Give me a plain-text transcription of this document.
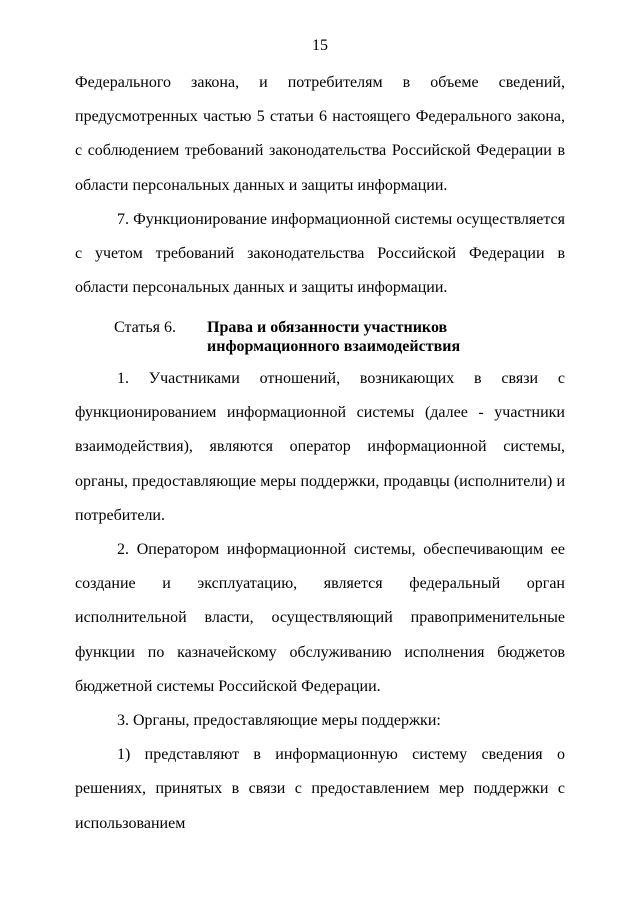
15

Федерального закона, и потребителям в объеме сведений, предусмотренных частью 5 статьи 6 настоящего Федерального закона, с соблюдением требований законодательства Российской Федерации в области персональных данных и защиты информации.

7. Функционирование информационной системы осуществляется с учетом требований законодательства Российской Федерации в области персональных данных и защиты информации.

Статья 6.	Права и обязанности участников информационного взаимодействия

1. Участниками отношений, возникающих в связи с функционированием информационной системы (далее - участники взаимодействия), являются оператор информационной системы, органы, предоставляющие меры поддержки, продавцы (исполнители) и потребители.

2. Оператором информационной системы, обеспечивающим ее создание и эксплуатацию, является федеральный орган исполнительной власти, осуществляющий правоприменительные функции по казначейскому обслуживанию исполнения бюджетов бюджетной системы Российской Федерации.

3. Органы, предоставляющие меры поддержки:

1) представляют в информационную систему сведения о решениях, принятых в связи с предоставлением мер поддержки с использованием
